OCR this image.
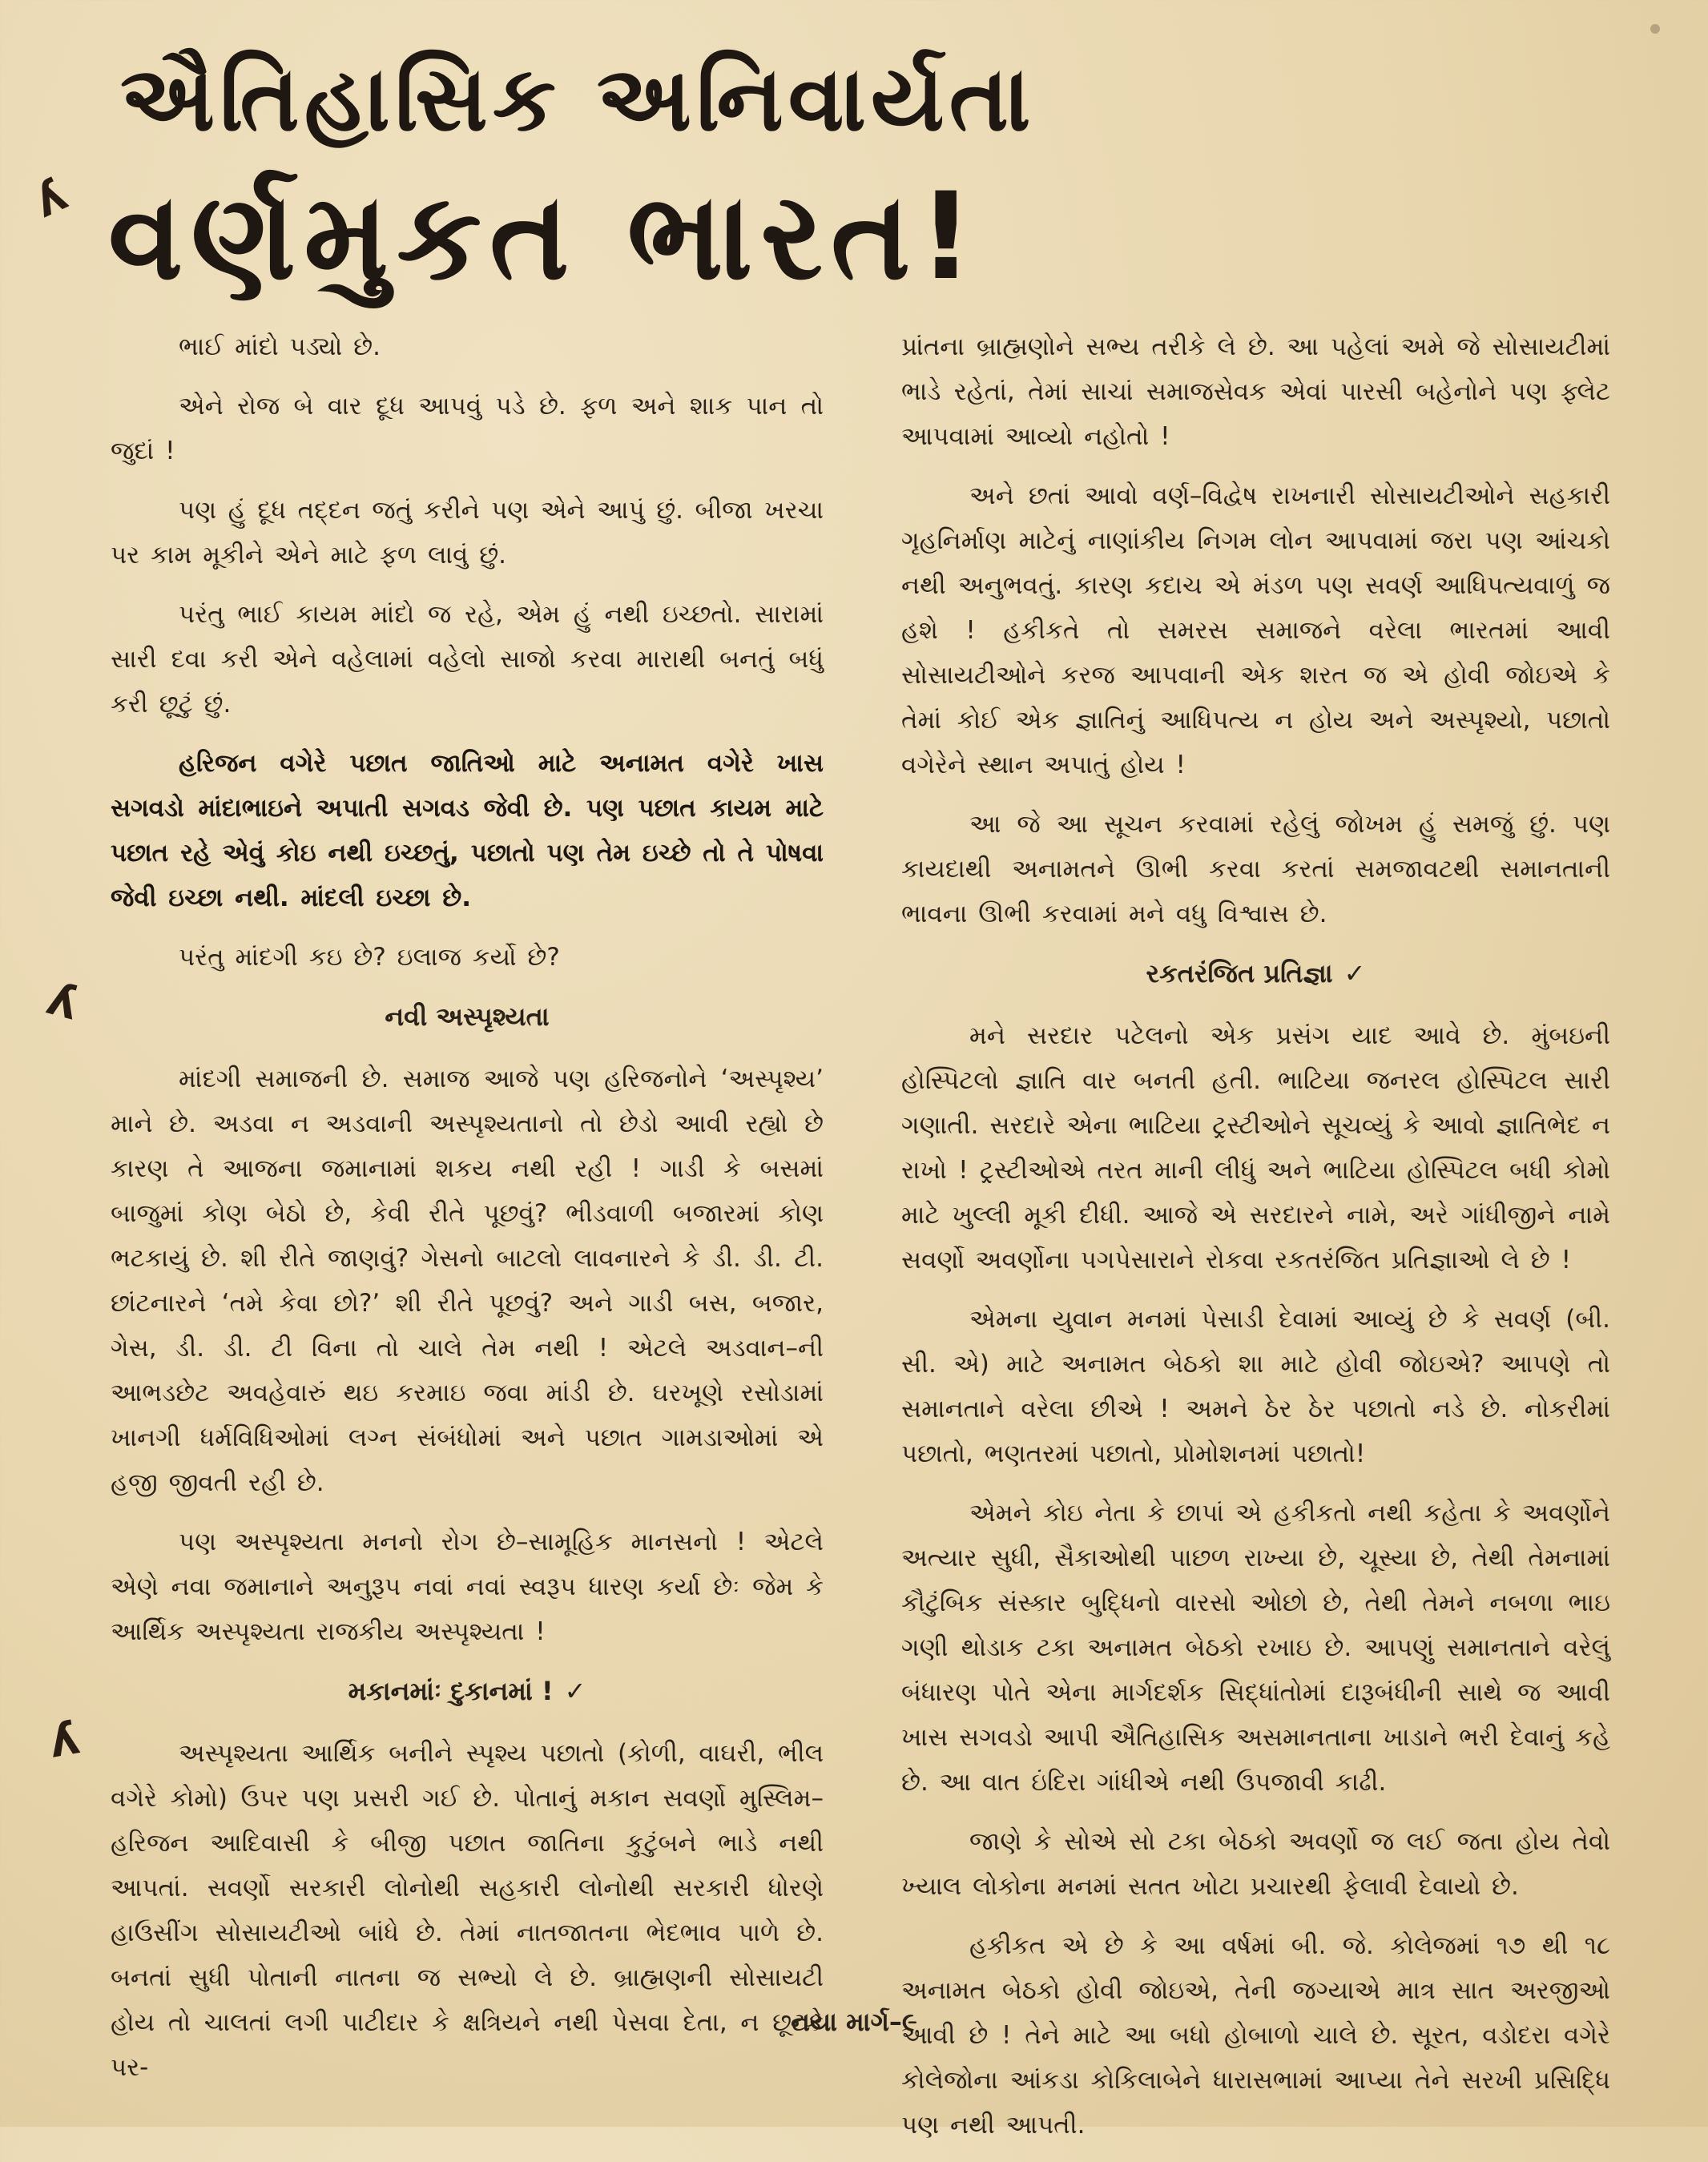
ʎ
ʎ
ʎ
ઐતિહાસિક અનિવાર્યતા
વર્ણમુકત ભારત!

ભાઈ માંદો પડ્યો છે.

એને રોજ બે વાર દૂધ આપવું પડે છે. ફળ અને શાક પાન તો જુદાં !

પણ હું દૂધ તદ્દન જતું કરીને પણ એને આપું છું. બીજા ખરચા પર કામ મૂકીને એને માટે ફળ લાવું છું.

પરંતુ ભાઈ કાયમ માંદો જ રહે, એમ હું નથી ઇચ્છતો. સારામાં સારી દવા કરી એને વહેલામાં વહેલો સાજો કરવા મારાથી બનતું બધું કરી છૂટું છું.

હરિજન વગેરે પછાત જાતિઓ માટે અનામત વગેરે ખાસ સગવડો માંદાભાઇને અપાતી સગવડ જેવી છે. પણ પછાત કાયમ માટે પછાત રહે એવું કોઇ નથી ઇચ્છતું, પછાતો પણ તેમ ઇચ્છે તો તે પોષવા જેવી ઇચ્છા નથી. માંદલી ઇચ્છા છે.

પરંતુ માંદગી કઇ છે? ઇલાજ કર્યો છે?

નવી અસ્પૃશ્યતા

માંદગી સમાજની છે. સમાજ આજે પણ હરિજનોને ‘અસ્પૃશ્ય’ માને છે. અડવા ન અડવાની અસ્પૃશ્યતાનો તો છેડો આવી રહ્યો છે કારણ તે આજના જમાનામાં શકય નથી રહી ! ગાડી કે બસમાં બાજુમાં કોણ બેઠો છે, કેવી રીતે પૂછવું? ભીડવાળી બજારમાં કોણ ભટકાયું છે. શી રીતે જાણવું? ગેસનો બાટલો લાવનારને કે ડી. ડી. ટી. છાંટનારને ‘તમે કેવા છો?’ શી રીતે પૂછવું? અને ગાડી બસ, બજાર, ગેસ, ડી. ડી. ટી વિના તો ચાલે તેમ નથી ! એટલે અડવાન–ની આભડછેટ અવહેવારું થઇ કરમાઇ જવા માંડી છે. ઘરખૂણે રસોડામાં ખાનગી ધર્મવિધિઓમાં લગ્ન સંબંધોમાં અને પછાત ગામડાઓમાં એ હજી જીવતી રહી છે.

પણ અસ્પૃશ્યતા મનનો રોગ છે–સામૂહિક માનસનો ! એટલે એણે નવા જમાનાને અનુરૂપ નવાં નવાં સ્વરૂપ ધારણ કર્યા છેઃ જેમ કે આર્થિક અસ્પૃશ્યતા રાજકીય અસ્પૃશ્યતા !

મકાનમાંઃ દુકાનમાં ! ✓

અસ્પૃશ્યતા આર્થિક બનીને સ્પૃશ્ય પછાતો (કોળી, વાઘરી, ભીલ વગેરે કોમો) ઉપર પણ પ્રસરી ગઈ છે. પોતાનું મકાન સવર્ણો મુસ્લિમ–હરિજન આદિવાસી કે બીજી પછાત જાતિના કુટુંબને ભાડે નથી આપતાં. સવર્ણો સરકારી લોનોથી સહકારી લોનોથી સરકારી ધોરણે હાઉસીંગ સોસાયટીઓ બાંધે છે. તેમાં નાતજાતના ભેદભાવ પાળે છે. બનતાં સુધી પોતાની નાતના જ સભ્યો લે છે. બ્રાહ્મણની સોસાયટી હોય તો ચાલતાં લગી પાટીદાર કે ક્ષત્રિયને નથી પેસવા દેતા, ન છૂટકે પર-

પ્રાંતના બ્રાહ્મણોને સભ્ય તરીકે લે છે. આ પહેલાં અમે જે સોસાયટીમાં ભાડે રહેતાં, તેમાં સાચાં સમાજસેવક એવાં પારસી બહેનોને પણ ફ્લેટ આપવામાં આવ્યો નહોતો !

અને છતાં આવો વર્ણ–વિદ્વેષ રાખનારી સોસાયટીઓને સહકારી ગૃહનિર્માણ માટેનું નાણાંકીય નિગમ લોન આપવામાં જરા પણ આંચકો નથી અનુભવતું. કારણ કદાચ એ મંડળ પણ સવર્ણ આધિપત્યવાળું જ હશે ! હકીકતે તો સમરસ સમાજને વરેલા ભારતમાં આવી સોસાયટીઓને કરજ આપવાની એક શરત જ એ હોવી જોઇએ કે તેમાં કોઈ એક જ્ઞાતિનું આધિપત્ય ન હોય અને અસ્પૃશ્યો, પછાતો વગેરેને સ્થાન અપાતું હોય !

આ જે આ સૂચન કરવામાં રહેલું જોખમ હું સમજું છું. પણ કાયદાથી અનામતને ઊભી કરવા કરતાં સમજાવટથી સમાનતાની ભાવના ઊભી કરવામાં મને વધુ વિશ્વાસ છે.

રકતરંજિત પ્રતિજ્ઞા ✓

મને સરદાર પટેલનો એક પ્રસંગ યાદ આવે છે. મુંબઇની હોસ્પિટલો જ્ઞાતિ વાર બનતી હતી. ભાટિયા જનરલ હોસ્પિટલ સારી ગણાતી. સરદારે એના ભાટિયા ટ્રસ્ટીઓને સૂચવ્યું કે આવો જ્ઞાતિભેદ ન રાખો ! ટ્રસ્ટીઓએ તરત માની લીધું અને ભાટિયા હોસ્પિટલ બધી કોમો માટે ખુલ્લી મૂકી દીધી. આજે એ સરદારને નામે, અરે ગાંધીજીને નામે સવર્ણો અવર્ણોના પગપેસારાને રોકવા રકતરંજિત પ્રતિજ્ઞાઓ લે છે !

એમના યુવાન મનમાં પેસાડી દેવામાં આવ્યું છે કે સવર્ણ (બી. સી. એ) માટે અનામત બેઠકો શા માટે હોવી જોઇએ? આપણે તો સમાનતાને વરેલા છીએ ! અમને ઠેર ઠેર પછાતો નડે છે. નોકરીમાં પછાતો, ભણતરમાં પછાતો, પ્રોમોશનમાં પછાતો!

એમને કોઇ નેતા કે છાપાં એ હકીકતો નથી કહેતા કે અવર્ણોને અત્યાર સુધી, સૈકાઓથી પાછળ રાખ્યા છે, ચૂસ્યા છે, તેથી તેમનામાં કૌટુંબિક સંસ્કાર બુદ્ધિનો વારસો ઓછો છે, તેથી તેમને નબળા ભાઇ ગણી થોડાક ટકા અનામત બેઠકો રખાઇ છે. આપણું સમાનતાને વરેલું બંધારણ પોતે એના માર્ગદર્શક સિદ્ધાંતોમાં દારૂબંધીની સાથે જ આવી ખાસ સગવડો આપી ઐતિહાસિક અસમાનતાના ખાડાને ભરી દેવાનું કહે છે. આ વાત ઇંદિરા ગાંધીએ નથી ઉપજાવી કાઢી.

જાણે કે સોએ સો ટકા બેઠકો અવર્ણો જ લઈ જતા હોય તેવો ખ્યાલ લોકોના મનમાં સતત ખોટા પ્રચારથી ફેલાવી દેવાયો છે.

હકીકત એ છે કે આ વર્ષમાં બી. જે. કોલેજમાં ૧૭ થી ૧૮ અનામત બેઠકો હોવી જોઇએ, તેની જગ્યાએ માત્ર સાત અરજીઓ આવી છે ! તેને માટે આ બધો હોબાળો ચાલે છે. સૂરત, વડોદરા વગેરે કોલેજોના આંકડા કોકિલાબેને ધારાસભામાં આપ્યા તેને સરખી પ્રસિદ્ધિ પણ નથી આપતી.

નયા માર્ગ–૯
